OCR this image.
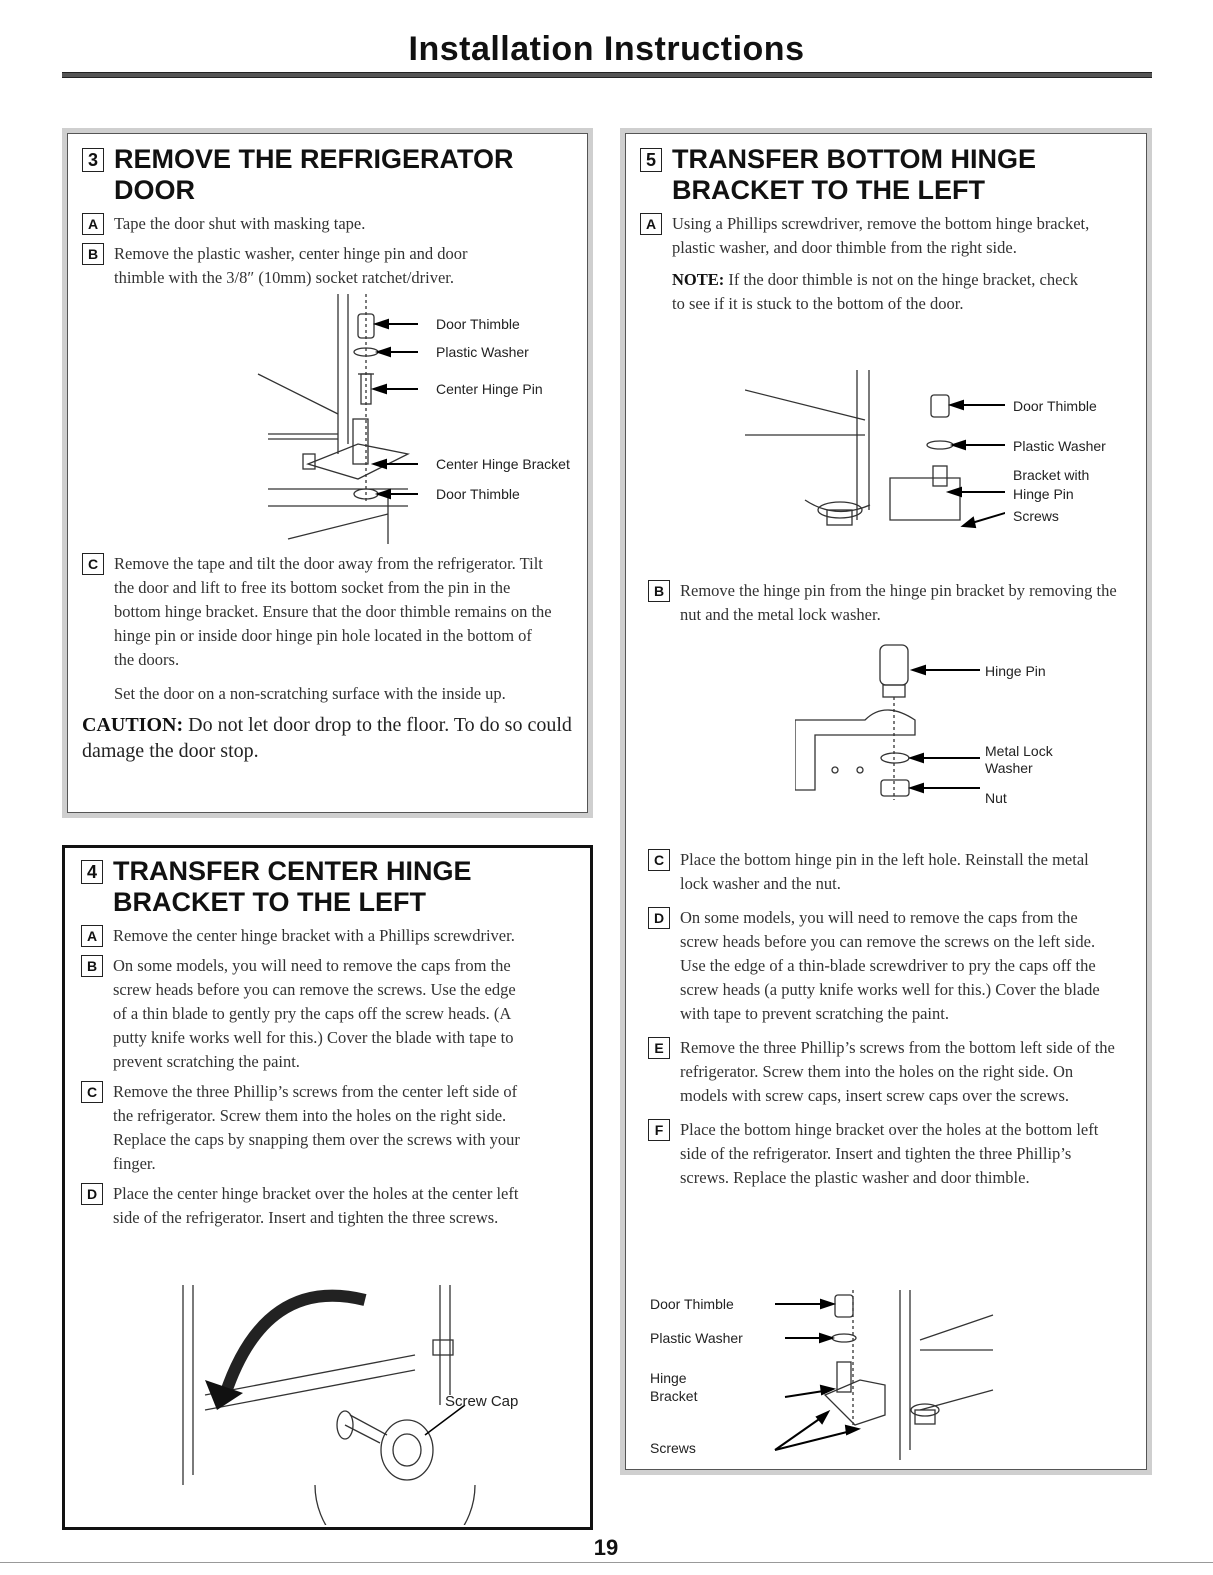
Installation Instructions
3 REMOVE THE REFRIGERATOR DOOR
A Tape the door shut with masking tape.
B Remove the plastic washer, center hinge pin and door thimble with the 3/8″ (10mm) socket ratchet/driver.
Door Thimble
Plastic Washer
Center Hinge Pin
Center Hinge Bracket
Door Thimble
C Remove the tape and tilt the door away from the refrigerator. Tilt the door and lift to free its bottom socket from the pin in the bottom hinge bracket. Ensure that the door thimble remains on the hinge pin or inside door hinge pin hole located in the bottom of the doors.
Set the door on a non-scratching surface with the inside up.
CAUTION: Do not let door drop to the floor. To do so could damage the door stop.
4 TRANSFER CENTER HINGE BRACKET TO THE LEFT
A Remove the center hinge bracket with a Phillips screwdriver.
B On some models, you will need to remove the caps from the screw heads before you can remove the screws. Use the edge of a thin blade to gently pry the caps off the screw heads. (A putty knife works well for this.) Cover the blade with tape to prevent scratching the paint.
C Remove the three Phillip’s screws from the center left side of the refrigerator. Screw them into the holes on the right side. Replace the caps by snapping them over the screws with your finger.
D Place the center hinge bracket over the holes at the center left side of the refrigerator. Insert and tighten the three screws.
Screw Cap
5 TRANSFER BOTTOM HINGE BRACKET TO THE LEFT
A Using a Phillips screwdriver, remove the bottom hinge bracket, plastic washer, and door thimble from the right side.
NOTE: If the door thimble is not on the hinge bracket, check to see if it is stuck to the bottom of the door.
Door Thimble
Plastic Washer
Bracket with
Hinge Pin
Screws
B Remove the hinge pin from the hinge pin bracket by removing the nut and the metal lock washer.
Hinge Pin
Metal Lock
Washer
Nut
C Place the bottom hinge pin in the left hole. Reinstall the metal lock washer and the nut.
D On some models, you will need to remove the caps from the screw heads before you can remove the screws on the left side. Use the edge of a thin-blade screwdriver to pry the caps off the screw heads (a putty knife works well for this.) Cover the blade with tape to prevent scratching the paint.
E Remove the three Phillip’s screws from the bottom left side of the refrigerator. Screw them into the holes on the right side. On models with screw caps, insert screw caps over the screws.
F	Place the bottom hinge bracket over the holes at the bottom left side of the refrigerator. Insert and tighten the three Phillip’s screws. Replace the plastic washer and door thimble.
Door Thimble
Plastic Washer
Hinge
Bracket
Screws
19
